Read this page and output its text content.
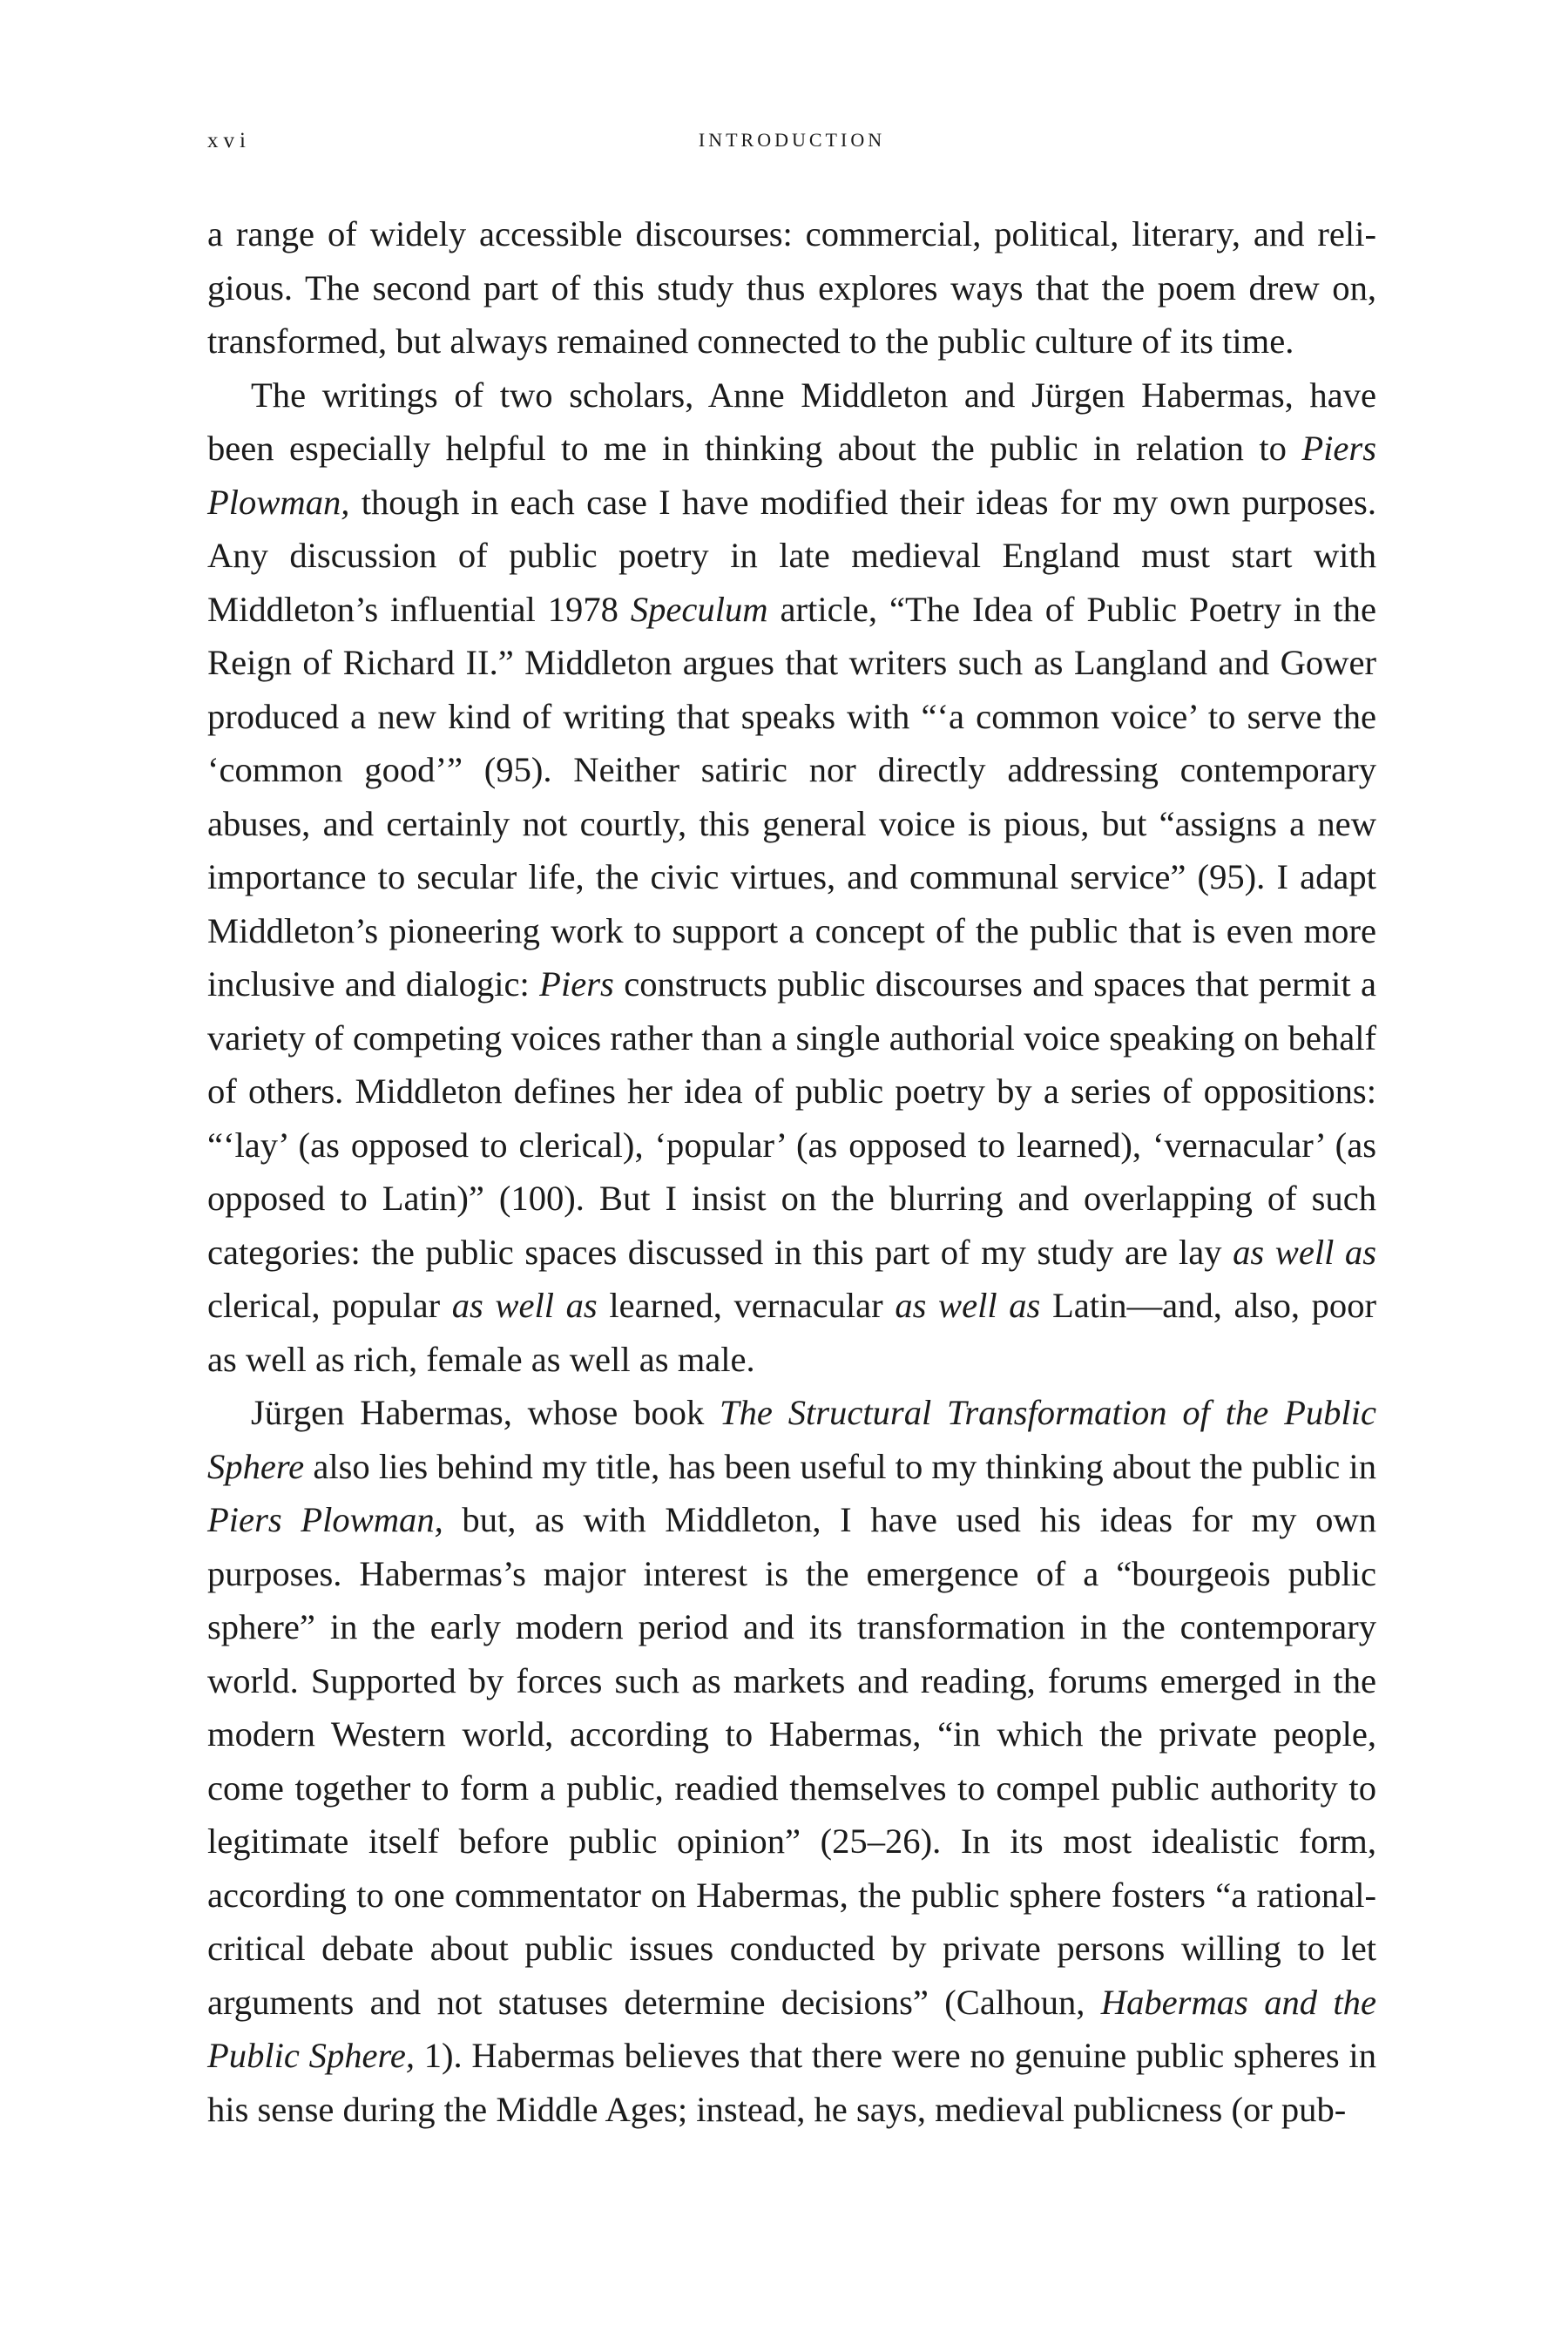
xvi	INTRODUCTION

a range of widely accessible discourses: commercial, political, literary, and religious. The second part of this study thus explores ways that the poem drew on, transformed, but always remained connected to the public culture of its time.

The writings of two scholars, Anne Middleton and Jürgen Habermas, have been especially helpful to me in thinking about the public in relation to Piers Plowman, though in each case I have modified their ideas for my own purposes. Any discussion of public poetry in late medieval England must start with Middleton’s influential 1978 Speculum article, “The Idea of Public Poetry in the Reign of Richard II.” Middleton argues that writers such as Langland and Gower produced a new kind of writing that speaks with “‘a common voice’ to serve the ‘common good’” (95). Neither satiric nor directly addressing contemporary abuses, and certainly not courtly, this general voice is pious, but “assigns a new importance to secular life, the civic virtues, and communal service” (95). I adapt Middleton’s pioneering work to support a concept of the public that is even more inclusive and dialogic: Piers constructs public discourses and spaces that permit a variety of competing voices rather than a single authorial voice speaking on behalf of others. Middleton defines her idea of public poetry by a series of oppositions: “‘lay’ (as opposed to clerical), ‘popular’ (as opposed to learned), ‘vernacular’ (as opposed to Latin)” (100). But I insist on the blurring and overlapping of such categories: the public spaces discussed in this part of my study are lay as well as clerical, popular as well as learned, vernacular as well as Latin—and, also, poor as well as rich, female as well as male.

Jürgen Habermas, whose book The Structural Transformation of the Public Sphere also lies behind my title, has been useful to my thinking about the public in Piers Plowman, but, as with Middleton, I have used his ideas for my own purposes. Habermas’s major interest is the emergence of a “bourgeois public sphere” in the early modern period and its transformation in the contemporary world. Supported by forces such as markets and reading, forums emerged in the modern Western world, according to Habermas, “in which the private people, come together to form a public, readied themselves to compel public authority to legitimate itself before public opinion” (25–26). In its most idealistic form, according to one commentator on Habermas, the public sphere fosters “a rational-critical debate about public issues conducted by private persons willing to let arguments and not statuses determine decisions” (Calhoun, Habermas and the Public Sphere, 1). Habermas believes that there were no genuine public spheres in his sense during the Middle Ages; instead, he says, medieval publicness (or pub-
